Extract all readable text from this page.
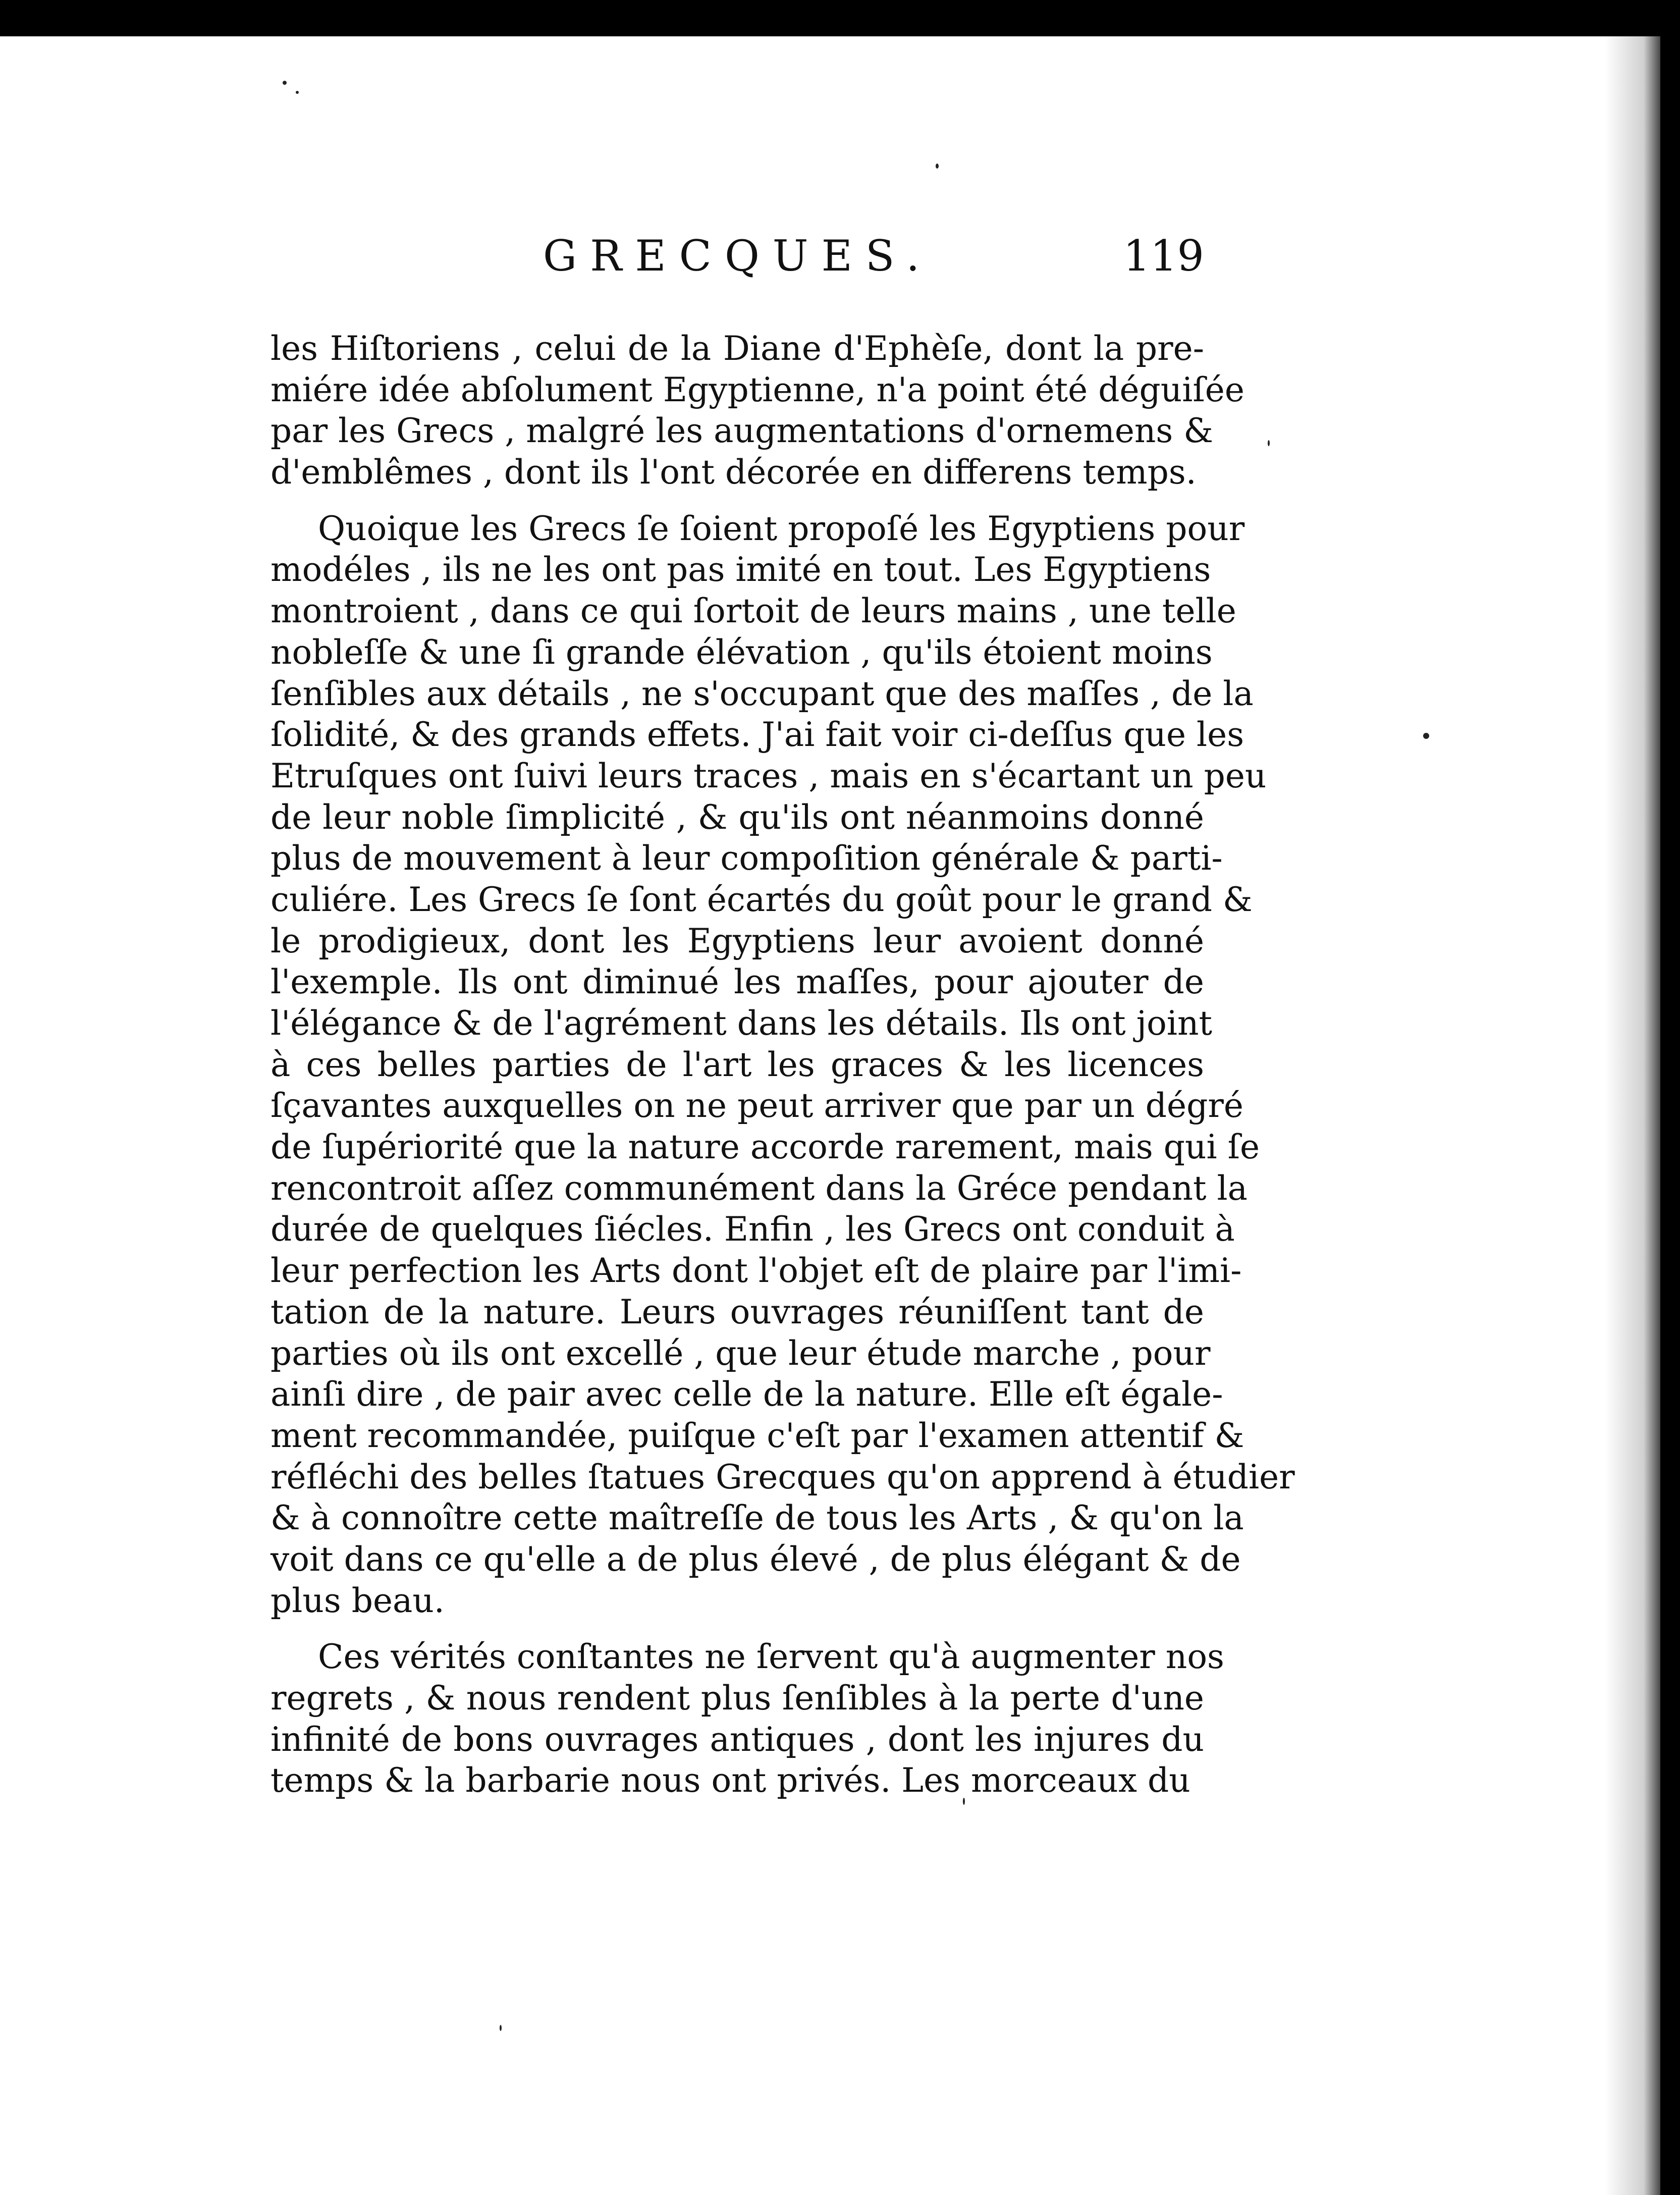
GRECQUES.	119
les Hiſtoriens , celui de la Diane d'Ephèſe, dont la pre-
miére idée abſolument Egyptienne, n'a point été déguiſée
par les Grecs , malgré les augmentations d'ornemens &
d'emblêmes , dont ils l'ont décorée en differens temps.
Quoique les Grecs ſe ſoient propoſé les Egyptiens pour
modéles , ils ne les ont pas imité en tout. Les Egyptiens
montroient , dans ce qui ſortoit de leurs mains , une telle
nobleſſe & une ſi grande élévation , qu'ils étoient moins
ſenſibles aux détails , ne s'occupant que des maſſes , de la
ſolidité, & des grands effets. J'ai fait voir ci-deſſus que les
Etruſques ont ſuivi leurs traces , mais en s'écartant un peu
de leur noble ſimplicité , & qu'ils ont néanmoins donné
plus de mouvement à leur compoſition générale & parti-
culiére. Les Grecs ſe ſont écartés du goût pour le grand &
le prodigieux, dont les Egyptiens leur avoient donné
l'exemple. Ils ont diminué les maſſes, pour ajouter de
l'élégance & de l'agrément dans les détails. Ils ont joint
à ces belles parties de l'art les graces & les licences
ſçavantes auxquelles on ne peut arriver que par un dégré
de ſupériorité que la nature accorde rarement, mais qui ſe
rencontroit aſſez communément dans la Gréce pendant la
durée de quelques ſiécles. Enfin , les Grecs ont conduit à
leur perfection les Arts dont l'objet eſt de plaire par l'imi-
tation de la nature. Leurs ouvrages réuniſſent tant de
parties où ils ont excellé , que leur étude marche , pour
ainſi dire , de pair avec celle de la nature. Elle eſt égale-
ment recommandée, puiſque c'eſt par l'examen attentif &
réfléchi des belles ſtatues Grecques qu'on apprend à étudier
& à connoître cette maîtreſſe de tous les Arts , & qu'on la
voit dans ce qu'elle a de plus élevé , de plus élégant & de
plus beau.
Ces vérités conſtantes ne ſervent qu'à augmenter nos
regrets , & nous rendent plus ſenſibles à la perte d'une
infinité de bons ouvrages antiques , dont les injures du
temps & la barbarie nous ont privés. Les morceaux du
